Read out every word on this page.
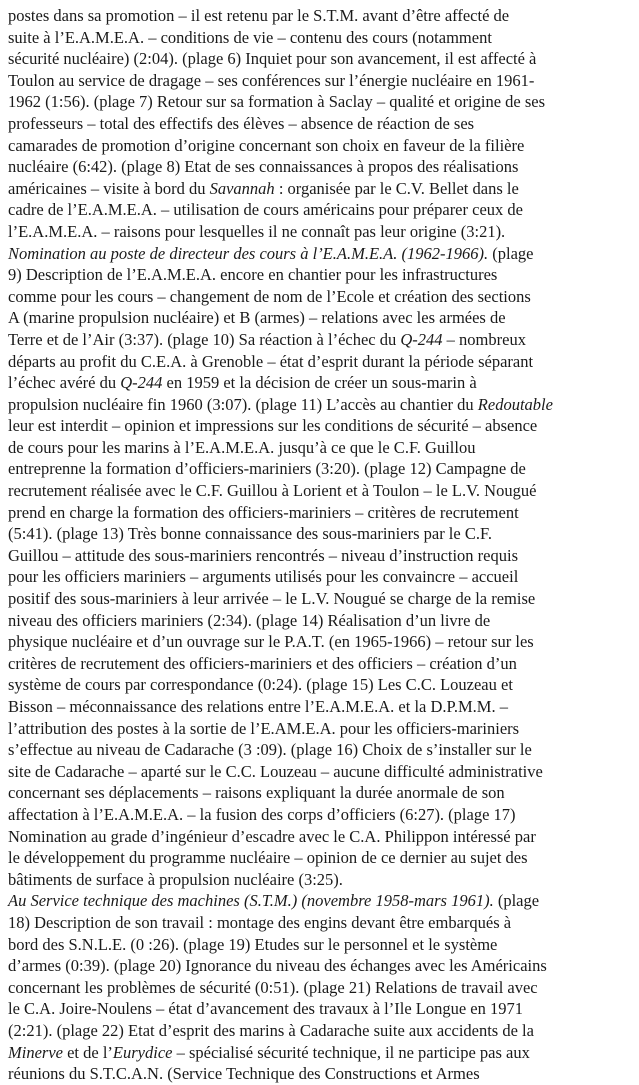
postes dans sa promotion – il est retenu par le S.T.M. avant d’être affecté de
suite à l’E.A.M.E.A. – conditions de vie – contenu des cours (notamment
sécurité nucléaire) (2:04). (plage 6) Inquiet pour son avancement, il est affecté à
Toulon au service de dragage – ses conférences sur l’énergie nucléaire en 1961-
1962 (1:56). (plage 7) Retour sur sa formation à Saclay – qualité et origine de ses
professeurs – total des effectifs des élèves – absence de réaction de ses
camarades de promotion d’origine concernant son choix en faveur de la filière
nucléaire (6:42). (plage 8) Etat de ses connaissances à propos des réalisations
américaines – visite à bord du Savannah : organisée par le C.V. Bellet dans le
cadre de l’E.A.M.E.A. – utilisation de cours américains pour préparer ceux de
l’E.A.M.E.A. – raisons pour lesquelles il ne connaît pas leur origine (3:21).
Nomination au poste de directeur des cours à l’E.A.M.E.A. (1962-1966). (plage
9) Description de l’E.A.M.E.A. encore en chantier pour les infrastructures
comme pour les cours – changement de nom de l’Ecole et création des sections
A (marine propulsion nucléaire) et B (armes) – relations avec les armées de
Terre et de l’Air (3:37). (plage 10) Sa réaction à l’échec du Q-244 – nombreux
départs au profit du C.E.A. à Grenoble – état d’esprit durant la période séparant
l’échec avéré du Q-244 en 1959 et la décision de créer un sous-marin à
propulsion nucléaire fin 1960 (3:07). (plage 11) L’accès au chantier du Redoutable
leur est interdit – opinion et impressions sur les conditions de sécurité – absence
de cours pour les marins à l’E.A.M.E.A. jusqu’à ce que le C.F. Guillou
entreprenne la formation d’officiers-mariniers (3:20). (plage 12) Campagne de
recrutement réalisée avec le C.F. Guillou à Lorient et à Toulon – le L.V. Nougué
prend en charge la formation des officiers-mariniers – critères de recrutement
(5:41). (plage 13) Très bonne connaissance des sous-mariniers par le C.F.
Guillou – attitude des sous-mariniers rencontrés – niveau d’instruction requis
pour les officiers mariniers – arguments utilisés pour les convaincre – accueil
positif des sous-mariniers à leur arrivée – le L.V. Nougué se charge de la remise
niveau des officiers mariniers (2:34). (plage 14) Réalisation d’un livre de
physique nucléaire et d’un ouvrage sur le P.A.T. (en 1965-1966) – retour sur les
critères de recrutement des officiers-mariniers et des officiers – création d’un
système de cours par correspondance (0:24). (plage 15) Les C.C. Louzeau et
Bisson – méconnaissance des relations entre l’E.A.M.E.A. et la D.P.M.M. –
l’attribution des postes à la sortie de l’E.AM.E.A. pour les officiers-mariniers
s’effectue au niveau de Cadarache (3 :09). (plage 16) Choix de s’installer sur le
site de Cadarache – aparté sur le C.C. Louzeau – aucune difficulté administrative
concernant ses déplacements – raisons expliquant la durée anormale de son
affectation à l’E.A.M.E.A. – la fusion des corps d’officiers (6:27). (plage 17)
Nomination au grade d’ingénieur d’escadre avec le C.A. Philippon intéressé par
le développement du programme nucléaire – opinion de ce dernier au sujet des
bâtiments de surface à propulsion nucléaire (3:25).
Au Service technique des machines (S.T.M.) (novembre 1958-mars 1961). (plage
18) Description de son travail : montage des engins devant être embarqués à
bord des S.N.L.E. (0 :26). (plage 19) Etudes sur le personnel et le système
d’armes (0:39). (plage 20) Ignorance du niveau des échanges avec les Américains
concernant les problèmes de sécurité (0:51). (plage 21) Relations de travail avec
le C.A. Joire-Noulens – état d’avancement des travaux à l’Ile Longue en 1971
(2:21). (plage 22) Etat d’esprit des marins à Cadarache suite aux accidents de la
Minerve et de l’Eurydice – spécialisé sécurité technique, il ne participe pas aux
réunions du S.T.C.A.N. (Service Technique des Constructions et Armes
